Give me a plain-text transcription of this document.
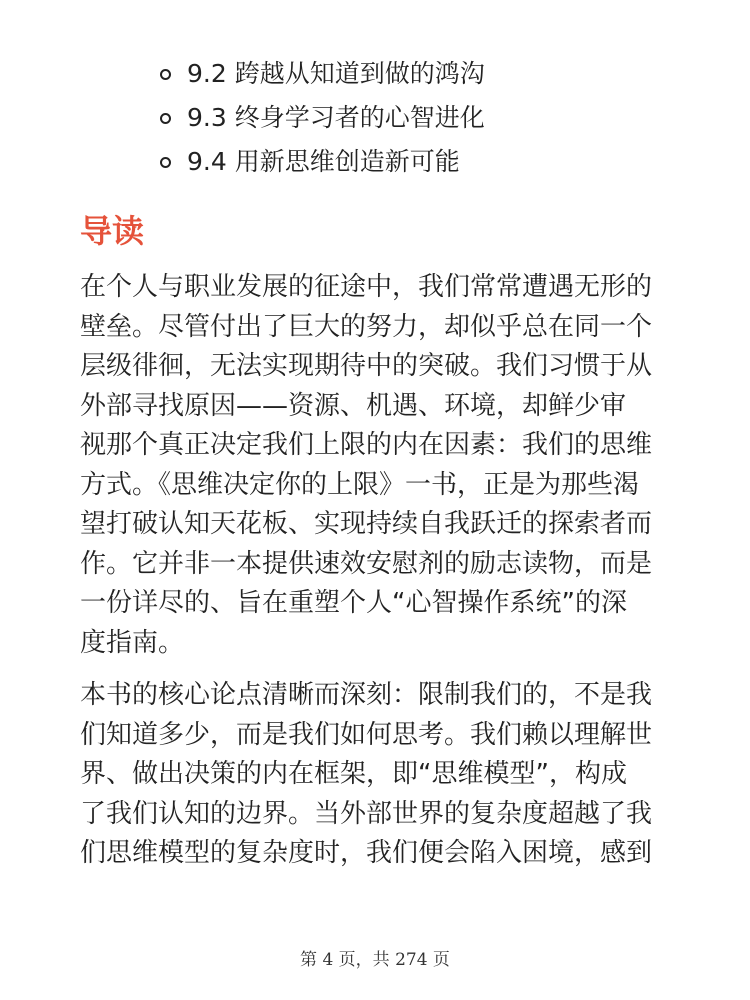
9.2 跨越从知道到做的鸿沟
9.3 终身学习者的心智进化
9.4 用新思维创造新可能
导读

在个人与职业发展的征途中，我们常常遭遇无形的
壁垒。尽管付出了巨大的努力，却似乎总在同一个
层级徘徊，无法实现期待中的突破。我们习惯于从
外部寻找原因——资源、机遇、环境，却鲜少审
视那个真正决定我们上限的内在因素：我们的思维
方式。《思维决定你的上限》一书，正是为那些渴
望打破认知天花板、实现持续自我跃迁的探索者而
作。它并非一本提供速效安慰剂的励志读物，而是
一份详尽的、旨在重塑个人“心智操作系统”的深
度指南。

本书的核心论点清晰而深刻：限制我们的，不是我
们知道多少，而是我们如何思考。我们赖以理解世
界、做出决策的内在框架，即“思维模型”，构成
了我们认知的边界。当外部世界的复杂度超越了我
们思维模型的复杂度时，我们便会陷入困境，感到

第 4 页，共 274 页
